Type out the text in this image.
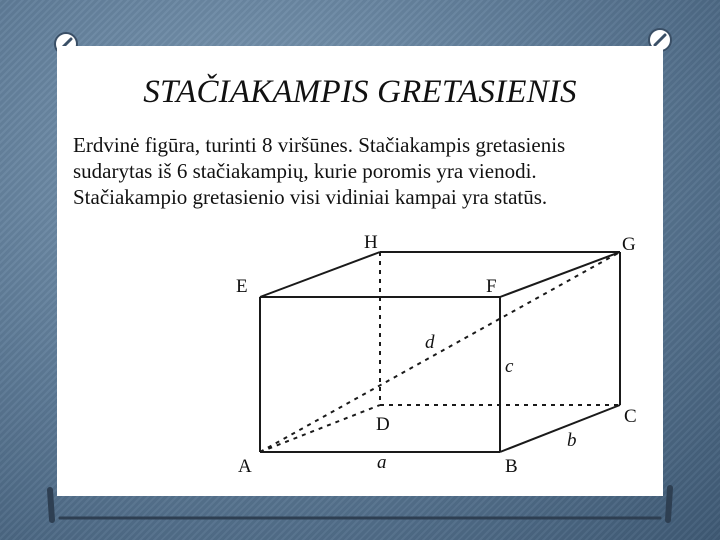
STAČIAKAMPIS GRETASIENIS
Erdvinė figūra, turinti 8 viršūnes. Stačiakampis gretasienis
sudarytas iš 6 stačiakampių, kurie poromis yra vienodi.
Stačiakampio gretasienio visi vidiniai kampai yra statūs.
H	G
E	F
D	C
A	B
a
b
c
d
